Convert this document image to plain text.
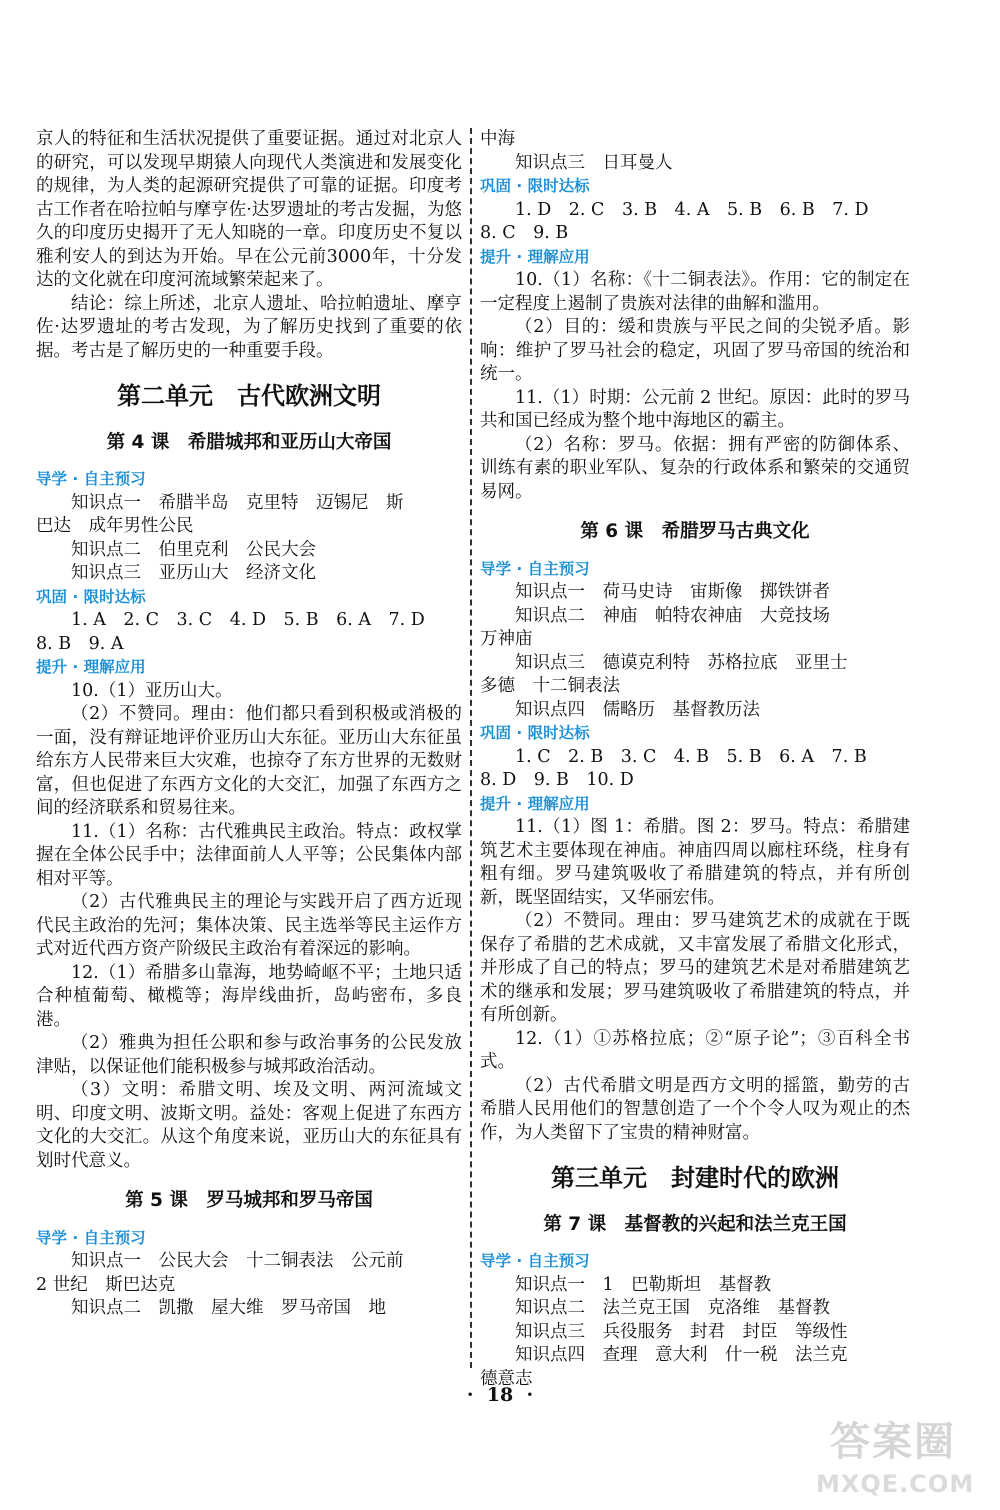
京人的特征和生活状况提供了重要证据。通过对北京人的研究，可以发现早期猿人向现代人类演进和发展变化的规律，为人类的起源研究提供了可靠的证据。印度考古工作者在哈拉帕与摩亨佐·达罗遗址的考古发掘，为悠久的印度历史揭开了无人知晓的一章。印度历史不复以雅利安人的到达为开始。早在公元前3000年，十分发达的文化就在印度河流域繁荣起来了。

结论：综上所述，北京人遗址、哈拉帕遗址、摩亨佐·达罗遗址的考古发现，为了解历史找到了重要的依据。考古是了解历史的一种重要手段。

第二单元　古代欧洲文明
第 4 课　希腊城邦和亚历山大帝国
导学 · 自主预习

知识点一　希腊半岛　克里特　迈锡尼　斯

巴达　成年男性公民

知识点二　伯里克利　公民大会

知识点三　亚历山大　经济文化

巩固 · 限时达标

1. A　2. C　3. C　4. D　5. B　6. A　7. D

8. B　9. A

提升 · 理解应用

10.（1）亚历山大。

（2）不赞同。理由：他们都只看到积极或消极的一面，没有辩证地评价亚历山大东征。亚历山大东征虽给东方人民带来巨大灾难，也掠夺了东方世界的无数财富，但也促进了东西方文化的大交汇，加强了东西方之间的经济联系和贸易往来。

11.（1）名称：古代雅典民主政治。特点：政权掌握在全体公民手中；法律面前人人平等；公民集体内部相对平等。

（2）古代雅典民主的理论与实践开启了西方近现代民主政治的先河；集体决策、民主选举等民主运作方式对近代西方资产阶级民主政治有着深远的影响。

12.（1）希腊多山靠海，地势崎岖不平；土地只适合种植葡萄、橄榄等；海岸线曲折，岛屿密布，多良港。

（2）雅典为担任公职和参与政治事务的公民发放津贴，以保证他们能积极参与城邦政治活动。

（3）文明：希腊文明、埃及文明、两河流域文明、印度文明、波斯文明。益处：客观上促进了东西方文化的大交汇。从这个角度来说，亚历山大的东征具有划时代意义。

第 5 课　罗马城邦和罗马帝国
导学 · 自主预习

知识点一　公民大会　十二铜表法　公元前

2 世纪　斯巴达克

知识点二　凯撒　屋大维　罗马帝国　地

中海

知识点三　日耳曼人

巩固 · 限时达标

1. D　2. C　3. B　4. A　5. B　6. B　7. D

8. C　9. B

提升 · 理解应用

10.（1）名称：《十二铜表法》。作用：它的制定在一定程度上遏制了贵族对法律的曲解和滥用。

（2）目的：缓和贵族与平民之间的尖锐矛盾。影响：维护了罗马社会的稳定，巩固了罗马帝国的统治和统一。

11.（1）时期：公元前 2 世纪。原因：此时的罗马共和国已经成为整个地中海地区的霸主。

（2）名称：罗马。依据：拥有严密的防御体系、训练有素的职业军队、复杂的行政体系和繁荣的交通贸易网。

第 6 课　希腊罗马古典文化
导学 · 自主预习

知识点一　荷马史诗　宙斯像　掷铁饼者

知识点二　神庙　帕特农神庙　大竞技场

万神庙

知识点三　德谟克利特　苏格拉底　亚里士

多德　十二铜表法

知识点四　儒略历　基督教历法

巩固 · 限时达标

1. C　2. B　3. C　4. B　5. B　6. A　7. B

8. D　9. B　10. D

提升 · 理解应用

11.（1）图 1：希腊。图 2：罗马。特点：希腊建筑艺术主要体现在神庙。神庙四周以廊柱环绕，柱身有粗有细。罗马建筑吸收了希腊建筑的特点，并有所创新，既坚固结实，又华丽宏伟。

（2）不赞同。理由：罗马建筑艺术的成就在于既保存了希腊的艺术成就，又丰富发展了希腊文化形式，并形成了自己的特点；罗马的建筑艺术是对希腊建筑艺术的继承和发展；罗马建筑吸收了希腊建筑的特点，并有所创新。

12.（1）①苏格拉底；②“原子论”；③百科全书式。

（2）古代希腊文明是西方文明的摇篮，勤劳的古希腊人民用他们的智慧创造了一个个令人叹为观止的杰作，为人类留下了宝贵的精神财富。

第三单元　封建时代的欧洲
第 7 课　基督教的兴起和法兰克王国
导学 · 自主预习

知识点一　1　巴勒斯坦　基督教

知识点二　法兰克王国　克洛维　基督教

知识点三　兵役服务　封君　封臣　等级性

知识点四　查理　意大利　什一税　法兰克

德意志

·  18  ·
答案圈
MXQE.COM
